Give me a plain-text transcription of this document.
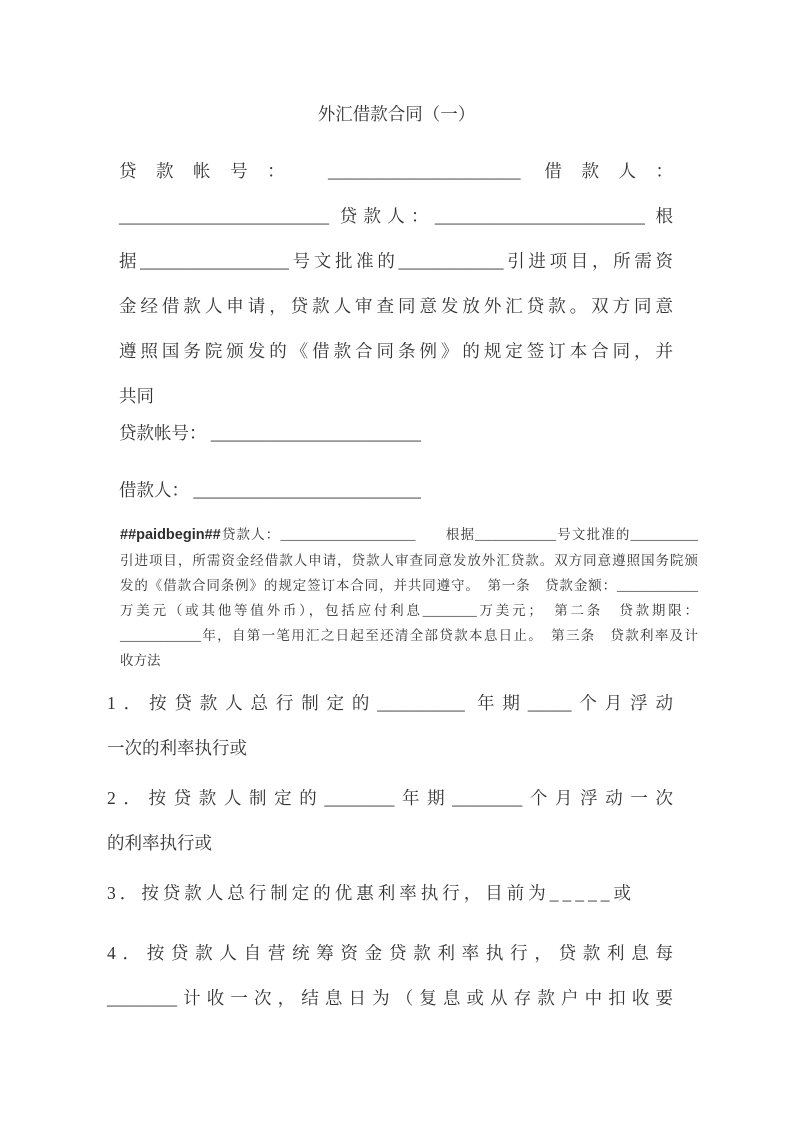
外汇借款合同（一）
贷款帐号： ______________________ 借款人：
________________________ 贷款人：________________________ 根
据_________________号文批准的____________引进项目，所需资
金经借款人申请，贷款人审查同意发放外汇贷款。双方同意
遵照国务院颁发的《借款合同条例》的规定签订本合同，并
共同
贷款帐号： ________________________
借款人： __________________________
##paidbegin##贷款人：____________________　　根据____________号文批准的__________
引进项目，所需资金经借款人申请，贷款人审查同意发放外汇贷款。双方同意遵照国务院颁
发的《借款合同条例》的规定签订本合同，并共同遵守。　第一条　贷款金额：____________
万美元（或其他等值外币），包括应付利息________万美元；　第二条　贷款期限：
____________年，自第一笔用汇之日起至还清全部贷款本息日止。　第三条　贷款利率及计
收方法
1．按贷款人总行制定的__________ 年期_____个月浮动
一次的利率执行或
2．按贷款人制定的________年期________个月浮动一次
的利率执行或
3．按贷款人总行制定的优惠利率执行，目前为_____或
4．按贷款人自营统筹资金贷款利率执行，贷款利息每
________计收一次，结息日为（复息或从存款户中扣收要
